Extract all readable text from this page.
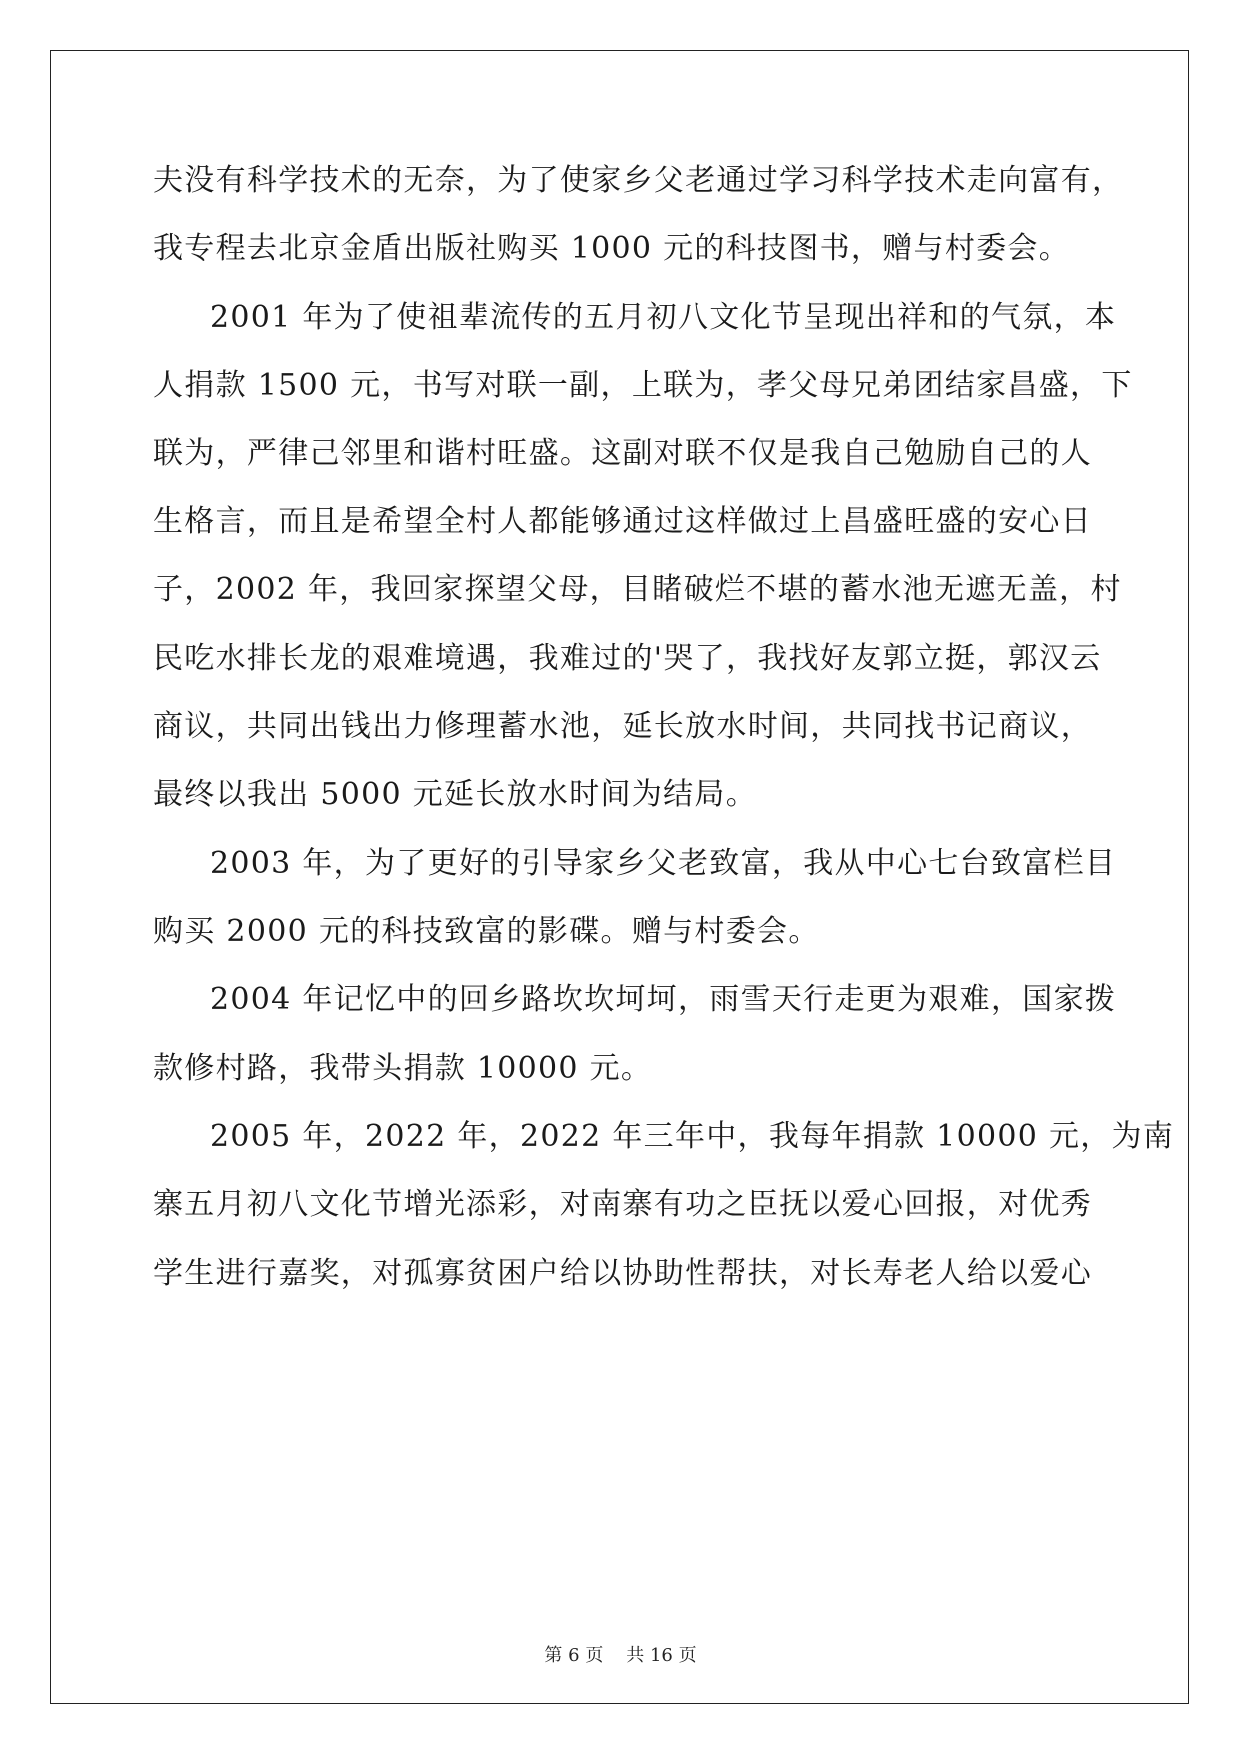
夫没有科学技术的无奈，为了使家乡父老通过学习科学技术走向富有，
我专程去北京金盾出版社购买 1000 元的科技图书，赠与村委会。
2001 年为了使祖辈流传的五月初八文化节呈现出祥和的气氛，本
人捐款 1500 元，书写对联一副，上联为，孝父母兄弟团结家昌盛，下
联为，严律己邻里和谐村旺盛。这副对联不仅是我自己勉励自己的人
生格言，而且是希望全村人都能够通过这样做过上昌盛旺盛的安心日
子，2002 年，我回家探望父母，目睹破烂不堪的蓄水池无遮无盖，村
民吃水排长龙的艰难境遇，我难过的'哭了，我找好友郭立挺，郭汉云
商议，共同出钱出力修理蓄水池，延长放水时间，共同找书记商议，
最终以我出 5000 元延长放水时间为结局。
2003 年，为了更好的引导家乡父老致富，我从中心七台致富栏目
购买 2000 元的科技致富的影碟。赠与村委会。
2004 年记忆中的回乡路坎坎坷坷，雨雪天行走更为艰难，国家拨
款修村路，我带头捐款 10000 元。
2005 年，2022 年，2022 年三年中，我每年捐款 10000 元，为南
寨五月初八文化节增光添彩，对南寨有功之臣抚以爱心回报，对优秀
学生进行嘉奖，对孤寡贫困户给以协助性帮扶，对长寿老人给以爱心
第 6 页 共 16 页
